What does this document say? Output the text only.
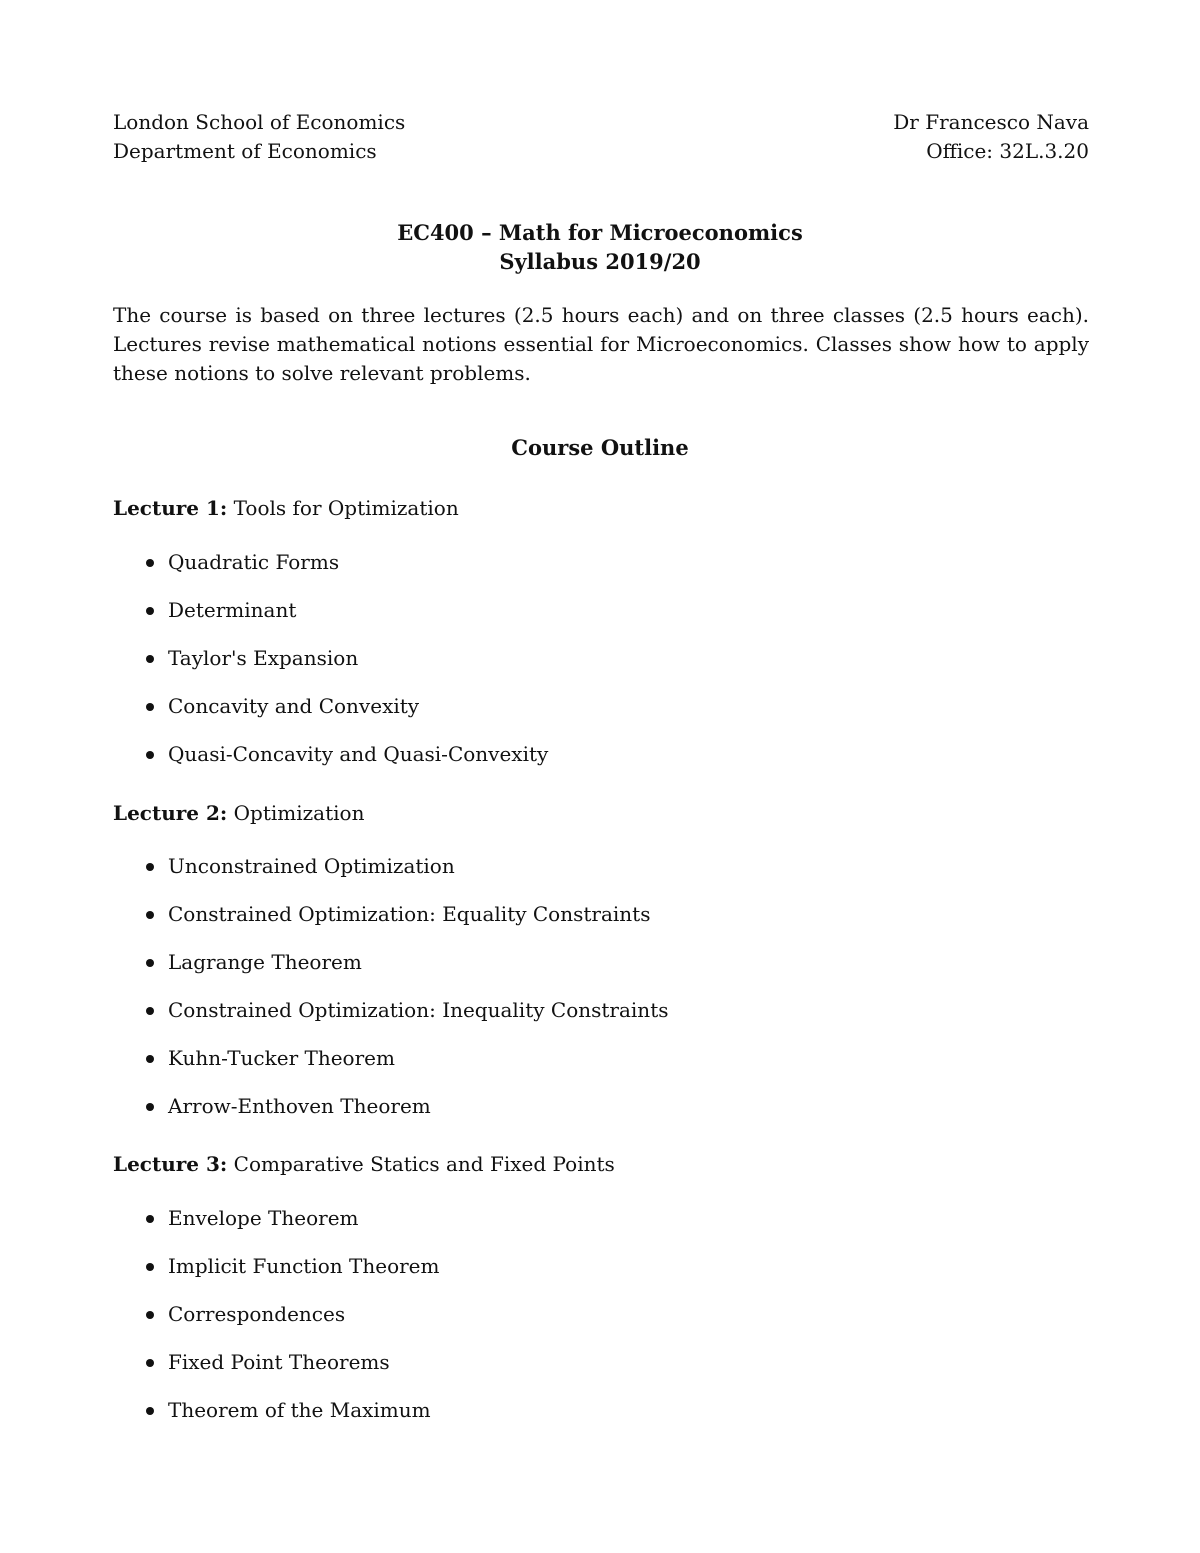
London School of Economics
Department of Economics
Dr Francesco Nava
Office: 32L.3.20
EC400 – Math for Microeconomics
Syllabus 2019/20
The course is based on three lectures (2.5 hours each) and on three classes (2.5 hours each). Lectures revise mathematical notions essential for Microeconomics. Classes show how to apply these notions to solve relevant problems.
Course Outline
Lecture 1: Tools for Optimization
Quadratic Forms
Determinant
Taylor's Expansion
Concavity and Convexity
Quasi-Concavity and Quasi-Convexity
Lecture 2: Optimization
Unconstrained Optimization
Constrained Optimization: Equality Constraints
Lagrange Theorem
Constrained Optimization: Inequality Constraints
Kuhn-Tucker Theorem
Arrow-Enthoven Theorem
Lecture 3: Comparative Statics and Fixed Points
Envelope Theorem
Implicit Function Theorem
Correspondences
Fixed Point Theorems
Theorem of the Maximum
